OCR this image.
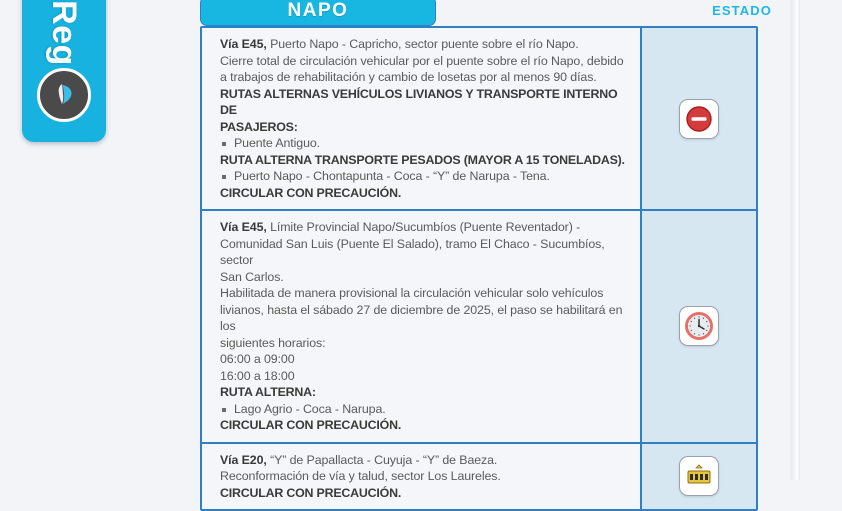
Reg	NAPO	ESTADO
Vía E45, Puerto Napo - Capricho, sector puente sobre el río Napo.
Cierre total de circulación vehicular por el puente sobre el río Napo, debido
a trabajos de rehabilitación y cambio de losetas por al menos 90 días.
RUTAS ALTERNAS VEHÍCULOS LIVIANOS Y TRANSPORTE INTERNO DE
PASAJEROS:
Puente Antiguo.
RUTA ALTERNA TRANSPORTE PESADOS (MAYOR A 15 TONELADAS).
Puerto Napo - Chontapunta - Coca - “Y” de Narupa - Tena.
CIRCULAR CON PRECAUCIÓN.
Vía E45, Límite Provincial Napo/Sucumbíos (Puente Reventador) -
Comunidad San Luis (Puente El Salado), tramo El Chaco - Sucumbíos, sector
San Carlos.
Habilitada de manera provisional la circulación vehicular solo vehículos
livianos, hasta el sábado 27 de diciembre de 2025, el paso se habilitará en los
siguientes horarios:
06:00 a 09:00
16:00 a 18:00
RUTA ALTERNA:
Lago Agrio - Coca - Narupa.
CIRCULAR CON PRECAUCIÓN.
Vía E20, “Y” de Papallacta - Cuyuja - “Y” de Baeza.
Reconformación de vía y talud, sector Los Laureles.
CIRCULAR CON PRECAUCIÓN.
